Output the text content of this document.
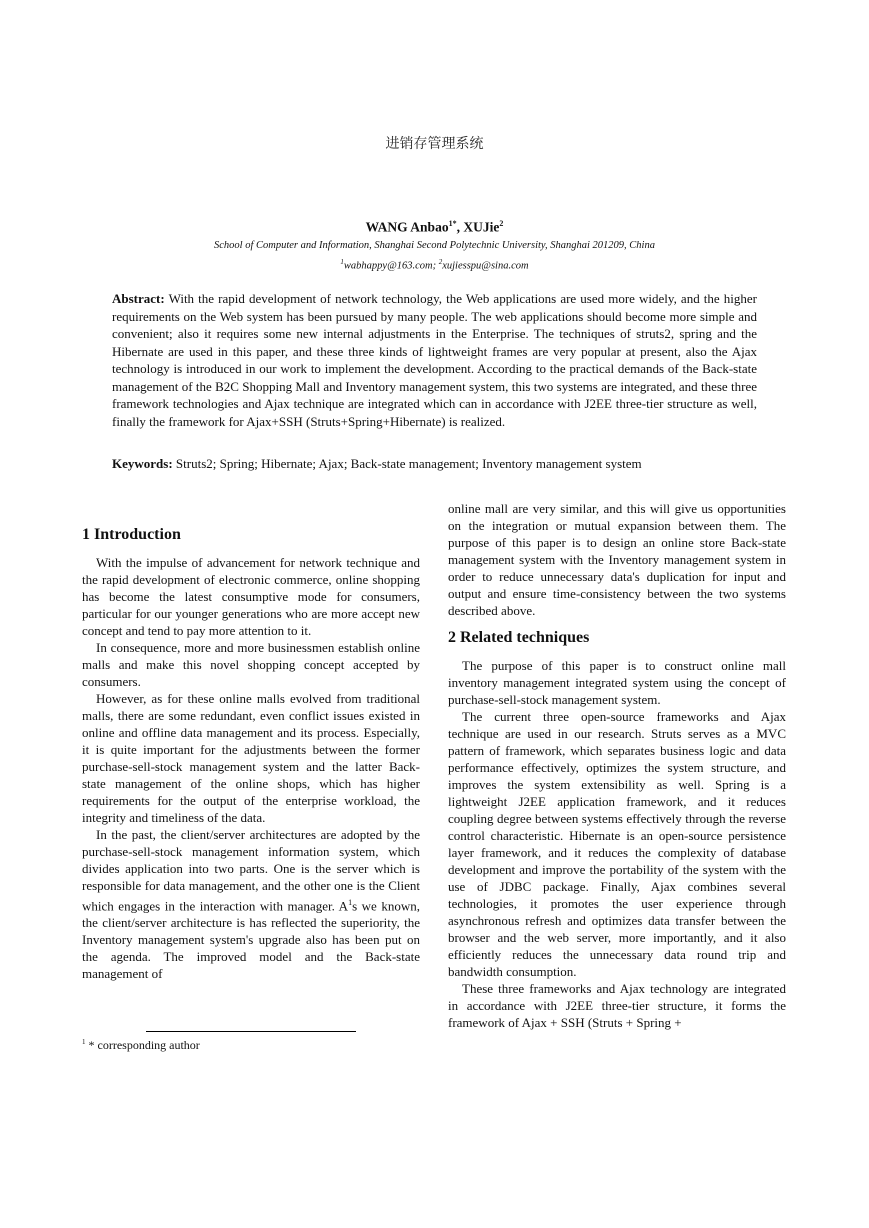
进销存管理系统
WANG Anbao$^{1*}$, XUJie$^2$
School of Computer and Information, Shanghai Second Polytechnic University, Shanghai 201209, China
$^1$wabhappy@163.com; $^2$xujiesspu@sina.com
Abstract: With the rapid development of network technology, the Web applications are used more widely, and the higher requirements on the Web system has been pursued by many people. The web applications should become more simple and convenient; also it requires some new internal adjustments in the Enterprise. The techniques of struts2, spring and the Hibernate are used in this paper, and these three kinds of lightweight frames are very popular at present, also the Ajax technology is introduced in our work to implement the development. According to the practical demands of the Back-state management of the B2C Shopping Mall and Inventory management system, this two systems are integrated, and these three framework technologies and Ajax technique are integrated which can in accordance with J2EE three-tier structure as well, finally the framework for Ajax+SSH (Struts+Spring+Hibernate) is realized.
Keywords: Struts2; Spring; Hibernate; Ajax; Back-state management; Inventory management system
1 Introduction

With the impulse of advancement for network technique and the rapid development of electronic commerce, online shopping has become the latest consumptive mode for consumers, particular for our younger generations who are more accept new concept and tend to pay more attention to it.

In consequence, more and more businessmen establish online malls and make this novel shopping concept accepted by consumers.

However, as for these online malls evolved from traditional malls, there are some redundant, even conflict issues existed in online and offline data management and its process. Especially, it is quite important for the adjustments between the former purchase-sell-stock management system and the latter Back-state management of the online shops, which has higher requirements for the output of the enterprise workload, the integrity and timeliness of the data.

In the past, the client/server architectures are adopted by the purchase-sell-stock management information system, which divides application into two parts. One is the server which is responsible for data management, and the other one is the Client which engages in the interaction with manager. $A^1s$ we known, the client/server architecture is has reflected the superiority, the Inventory management system's upgrade also has been put on the agenda. The improved model and the Back-state management of

online mall are very similar, and this will give us opportunities on the integration or mutual expansion between them. The purpose of this paper is to design an online store Back-state management system with the Inventory management system in order to reduce unnecessary data's duplication for input and output and ensure time-consistency between the two systems described above.

2 Related techniques

The purpose of this paper is to construct online mall inventory management integrated system using the concept of purchase-sell-stock management system.

The current three open-source frameworks and Ajax technique are used in our research. Struts serves as a MVC pattern of framework, which separates business logic and data performance effectively, optimizes the system structure, and improves the system extensibility as well. Spring is a lightweight J2EE application framework, and it reduces coupling degree between systems effectively through the reverse control characteristic. Hibernate is an open-source persistence layer framework, and it reduces the complexity of database development and improve the portability of the system with the use of JDBC package. Finally, Ajax combines several technologies, it promotes the user experience through asynchronous refresh and optimizes data transfer between the browser and the web server, more importantly, and it also efficiently reduces the unnecessary data round trip and bandwidth consumption.

These three frameworks and Ajax technology are integrated in accordance with J2EE three-tier structure, it forms the framework of Ajax + SSH (Struts + Spring +

$^1$ * corresponding author
